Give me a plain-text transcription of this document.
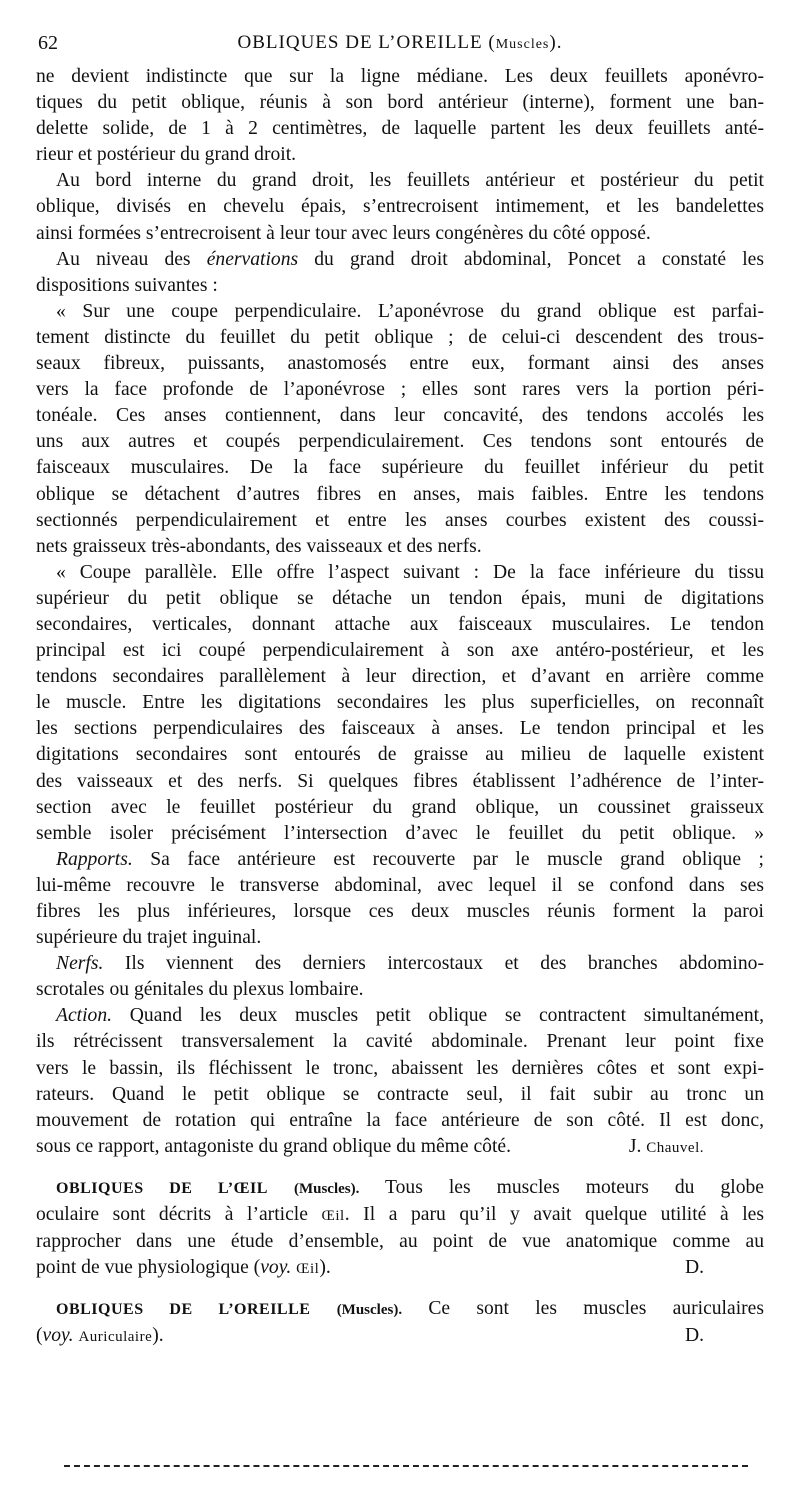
62	OBLIQUES DE L’OREILLE (Muscles).
ne devient indistincte que sur la ligne médiane. Les deux feuillets aponévro-
tiques du petit oblique, réunis à son bord antérieur (interne), forment une ban-
delette solide, de 1 à 2 centimètres, de laquelle partent les deux feuillets anté-
rieur et postérieur du grand droit.
Au bord interne du grand droit, les feuillets antérieur et postérieur du petit
oblique, divisés en chevelu épais, s’entrecroisent intimement, et les bandelettes
ainsi formées s’entrecroisent à leur tour avec leurs congénères du côté opposé.
Au niveau des énervations du grand droit abdominal, Poncet a constaté les
dispositions suivantes :
« Sur une coupe perpendiculaire. L’aponévrose du grand oblique est parfai-
tement distincte du feuillet du petit oblique ; de celui-ci descendent des trous-
seaux fibreux, puissants, anastomosés entre eux, formant ainsi des anses
vers la face profonde de l’aponévrose ; elles sont rares vers la portion péri-
tonéale. Ces anses contiennent, dans leur concavité, des tendons accolés les
uns aux autres et coupés perpendiculairement. Ces tendons sont entourés de
faisceaux musculaires. De la face supérieure du feuillet inférieur du petit
oblique se détachent d’autres fibres en anses, mais faibles. Entre les tendons
sectionnés perpendiculairement et entre les anses courbes existent des coussi-
nets graisseux très-abondants, des vaisseaux et des nerfs.
« Coupe parallèle. Elle offre l’aspect suivant : De la face inférieure du tissu
supérieur du petit oblique se détache un tendon épais, muni de digitations
secondaires, verticales, donnant attache aux faisceaux musculaires. Le tendon
principal est ici coupé perpendiculairement à son axe antéro-postérieur, et les
tendons secondaires parallèlement à leur direction, et d’avant en arrière comme
le muscle. Entre les digitations secondaires les plus superficielles, on reconnaît
les sections perpendiculaires des faisceaux à anses. Le tendon principal et les
digitations secondaires sont entourés de graisse au milieu de laquelle existent
des vaisseaux et des nerfs. Si quelques fibres établissent l’adhérence de l’inter-
section avec le feuillet postérieur du grand oblique, un coussinet graisseux
semble isoler précisément l’intersection d’avec le feuillet du petit oblique. »
Rapports. Sa face antérieure est recouverte par le muscle grand oblique ;
lui-même recouvre le transverse abdominal, avec lequel il se confond dans ses
fibres les plus inférieures, lorsque ces deux muscles réunis forment la paroi
supérieure du trajet inguinal.
Nerfs. Ils viennent des derniers intercostaux et des branches abdomino-
scrotales ou génitales du plexus lombaire.
Action. Quand les deux muscles petit oblique se contractent simultanément,
ils rétrécissent transversalement la cavité abdominale. Prenant leur point fixe
vers le bassin, ils fléchissent le tronc, abaissent les dernières côtes et sont expi-
rateurs. Quand le petit oblique se contracte seul, il fait subir au tronc un
mouvement de rotation qui entraîne la face antérieure de son côté. Il est donc,
sous ce rapport, antagoniste du grand oblique du même côté.	J. Chauvel.
OBLIQUES DE L’ŒIL (Muscles). Tous les muscles moteurs du globe
oculaire sont décrits à l’article Œil. Il a paru qu’il y avait quelque utilité à les
rapprocher dans une étude d’ensemble, au point de vue anatomique comme au
point de vue physiologique (voy. Œil).	D.
OBLIQUES DE L’OREILLE (Muscles). Ce sont les muscles auriculaires
(voy. Auriculaire).	D.
